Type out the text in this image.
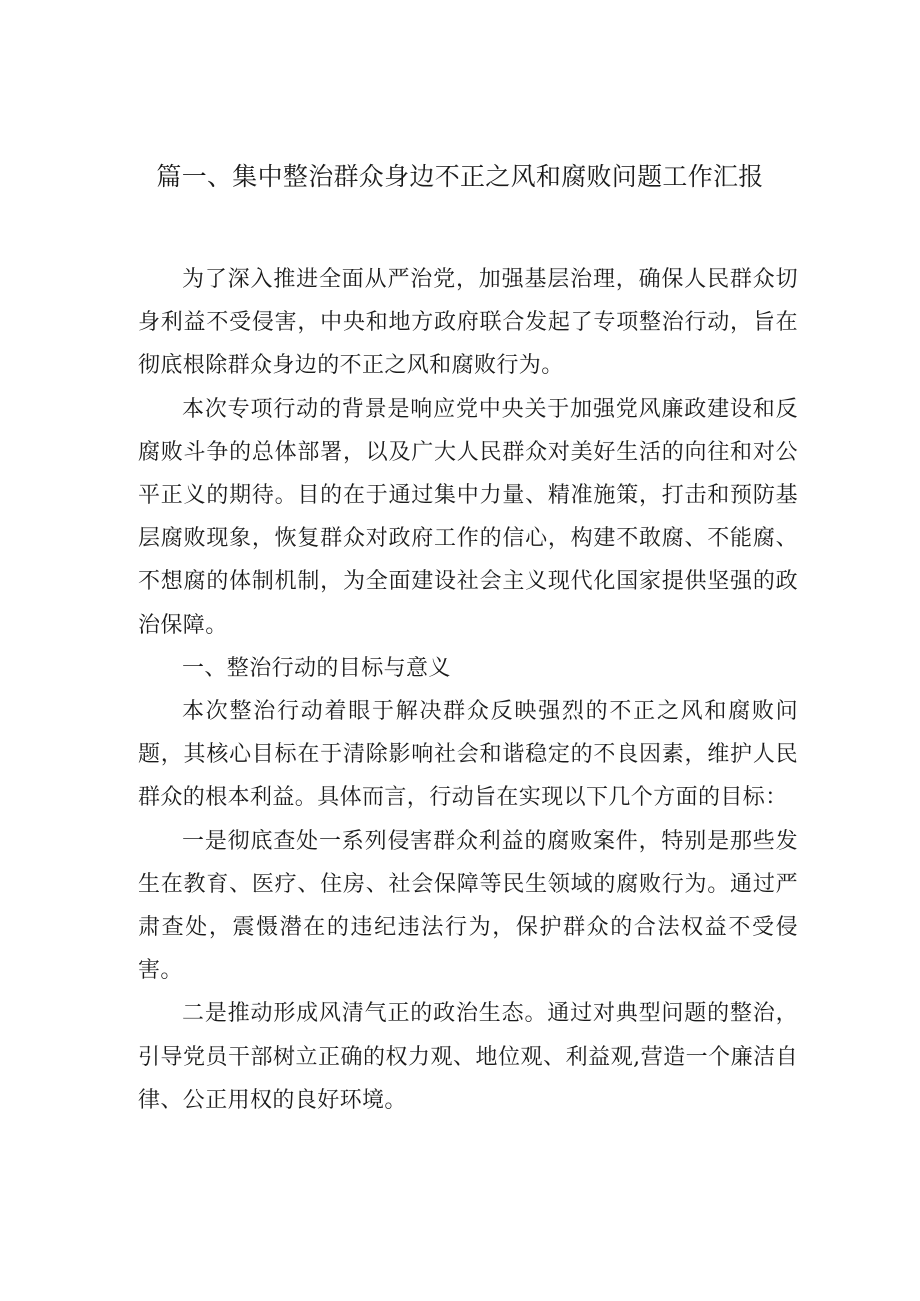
篇一、集中整治群众身边不正之风和腐败问题工作汇报

为了深入推进全面从严治党，加强基层治理，确保人民群众切身利益不受侵害，中央和地方政府联合发起了专项整治行动，旨在彻底根除群众身边的不正之风和腐败行为。

本次专项行动的背景是响应党中央关于加强党风廉政建设和反腐败斗争的总体部署，以及广大人民群众对美好生活的向往和对公平正义的期待。目的在于通过集中力量、精准施策，打击和预防基层腐败现象，恢复群众对政府工作的信心，构建不敢腐、不能腐、不想腐的体制机制，为全面建设社会主义现代化国家提供坚强的政治保障。

一、整治行动的目标与意义

本次整治行动着眼于解决群众反映强烈的不正之风和腐败问题，其核心目标在于清除影响社会和谐稳定的不良因素，维护人民群众的根本利益。具体而言，行动旨在实现以下几个方面的目标：

一是彻底查处一系列侵害群众利益的腐败案件，特别是那些发生在教育、医疗、住房、社会保障等民生领域的腐败行为。通过严肃查处，震慑潜在的违纪违法行为，保护群众的合法权益不受侵害。

二是推动形成风清气正的政治生态。通过对典型问题的整治，引导党员干部树立正确的权力观、地位观、利益观,营造一个廉洁自律、公正用权的良好环境。
